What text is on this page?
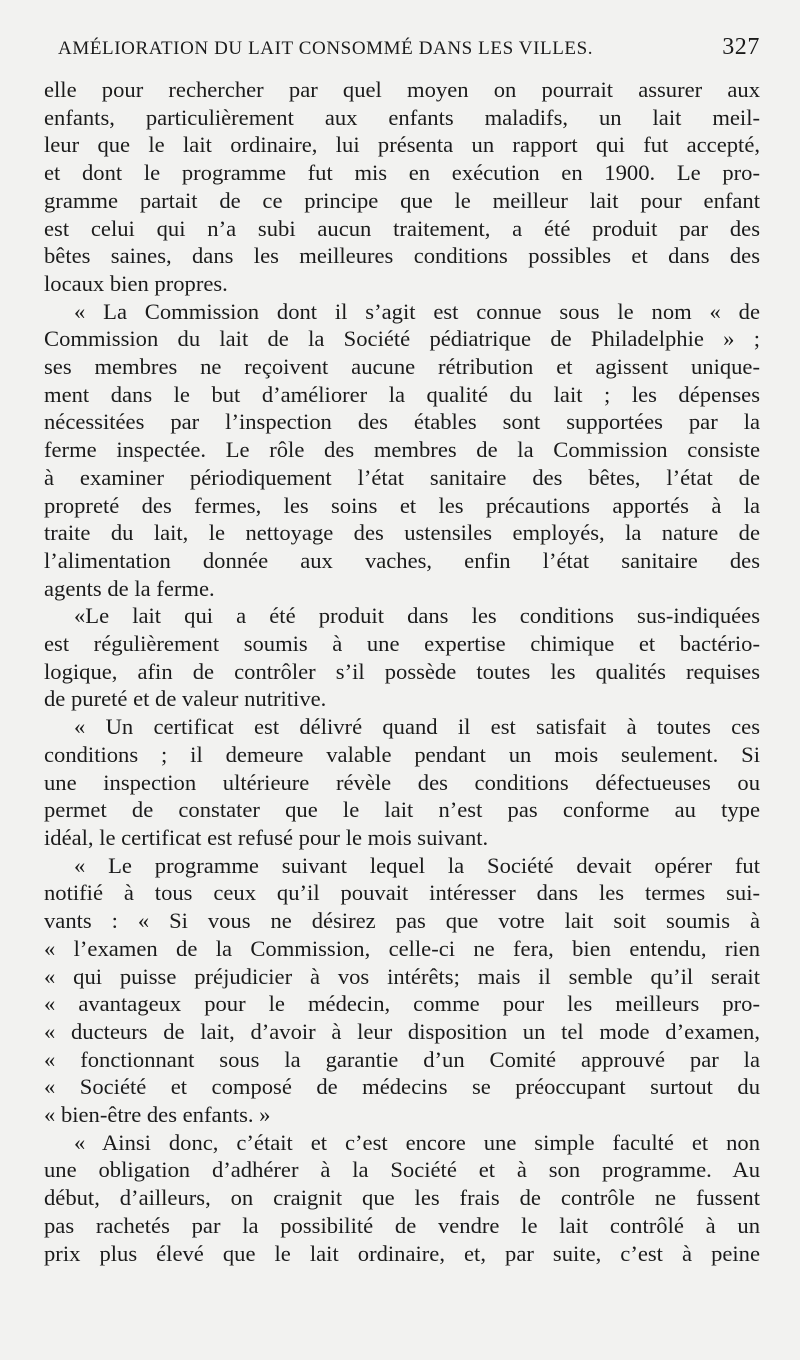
AMÉLIORATION DU LAIT CONSOMMÉ DANS LES VILLES.	327
elle pour rechercher par quel moyen on pourrait assurer aux
enfants, particulièrement aux enfants maladifs, un lait meil-
leur que le lait ordinaire, lui présenta un rapport qui fut accepté,
et dont le programme fut mis en exécution en 1900. Le pro-
gramme partait de ce principe que le meilleur lait pour enfant
est celui qui n’a subi aucun traitement, a été produit par des
bêtes saines, dans les meilleures conditions possibles et dans des
locaux bien propres.
« La Commission dont il s’agit est connue sous le nom « de
Commission du lait de la Société pédiatrique de Philadelphie » ;
ses membres ne reçoivent aucune rétribution et agissent unique-
ment dans le but d’améliorer la qualité du lait ; les dépenses
nécessitées par l’inspection des étables sont supportées par la
ferme inspectée. Le rôle des membres de la Commission consiste
à examiner périodiquement l’état sanitaire des bêtes, l’état de
propreté des fermes, les soins et les précautions apportés à la
traite du lait, le nettoyage des ustensiles employés, la nature de
l’alimentation donnée aux vaches, enfin l’état sanitaire des
agents de la ferme.
«Le lait qui a été produit dans les conditions sus-indiquées
est régulièrement soumis à une expertise chimique et bactério-
logique, afin de contrôler s’il possède toutes les qualités requises
de pureté et de valeur nutritive.
« Un certificat est délivré quand il est satisfait à toutes ces
conditions ; il demeure valable pendant un mois seulement. Si
une inspection ultérieure révèle des conditions défectueuses ou
permet de constater que le lait n’est pas conforme au type
idéal, le certificat est refusé pour le mois suivant.
« Le programme suivant lequel la Société devait opérer fut
notifié à tous ceux qu’il pouvait intéresser dans les termes sui-
vants : « Si vous ne désirez pas que votre lait soit soumis à
« l’examen de la Commission, celle-ci ne fera, bien entendu, rien
« qui puisse préjudicier à vos intérêts; mais il semble qu’il serait
« avantageux pour le médecin, comme pour les meilleurs pro-
« ducteurs de lait, d’avoir à leur disposition un tel mode d’examen,
« fonctionnant sous la garantie d’un Comité approuvé par la
« Société et composé de médecins se préoccupant surtout du
« bien-être des enfants. »
« Ainsi donc, c’était et c’est encore une simple faculté et non
une obligation d’adhérer à la Société et à son programme. Au
début, d’ailleurs, on craignit que les frais de contrôle ne fussent
pas rachetés par la possibilité de vendre le lait contrôlé à un
prix plus élevé que le lait ordinaire, et, par suite, c’est à peine
